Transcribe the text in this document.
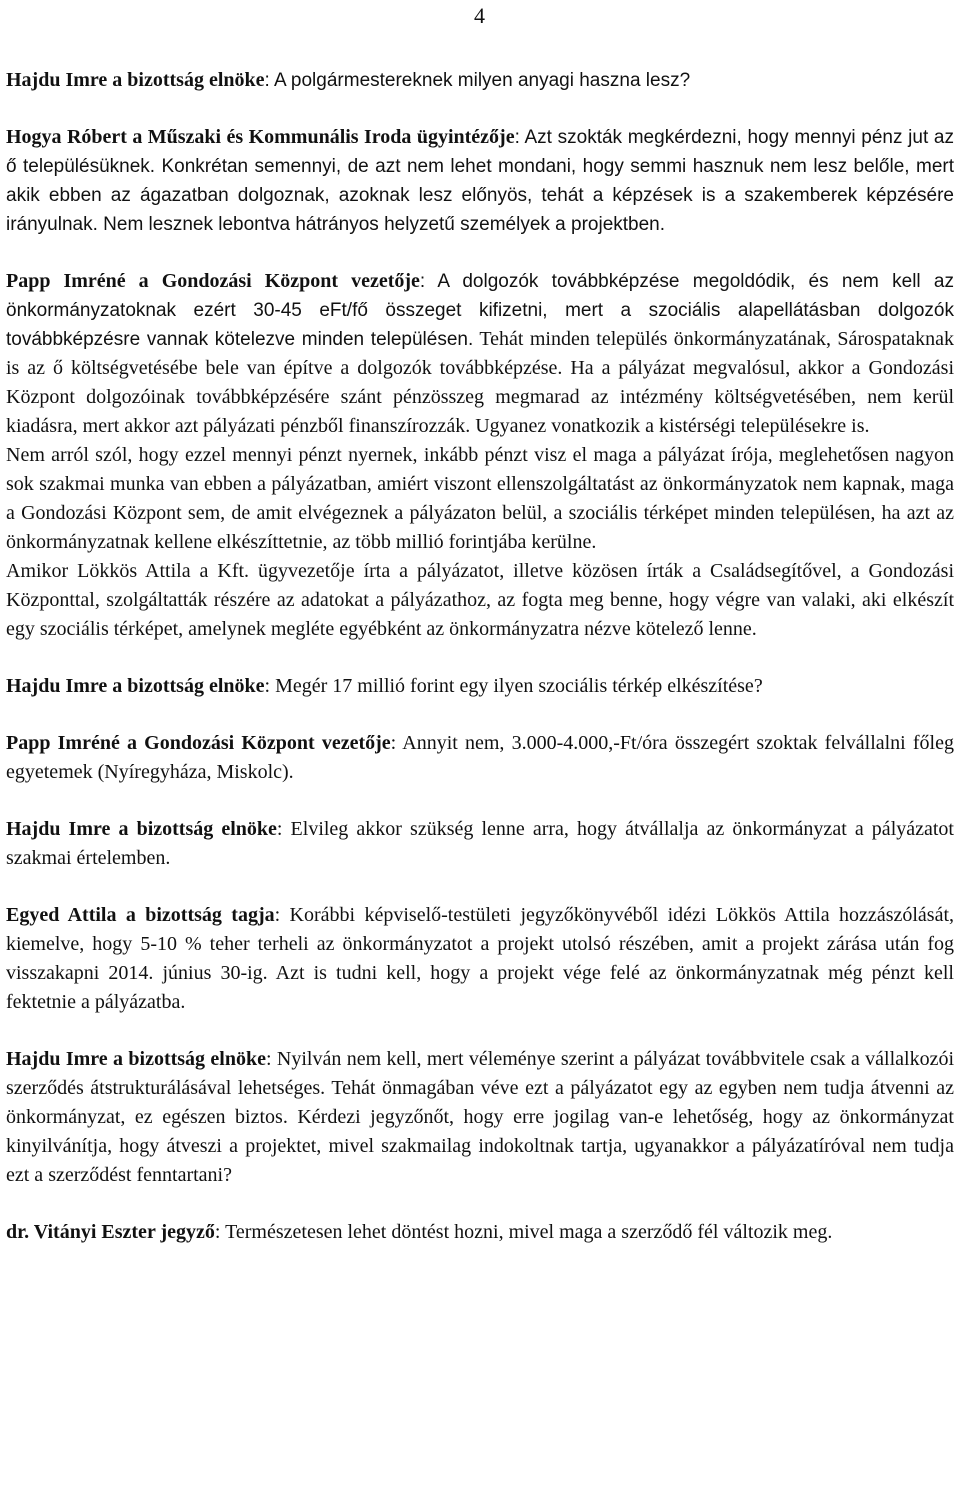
4

Hajdu Imre a bizottság elnöke: A polgármestereknek milyen anyagi haszna lesz?

Hogya Róbert a Műszaki és Kommunális Iroda ügyintézője: Azt szokták megkérdezni, hogy mennyi pénz jut az ő településüknek. Konkrétan semennyi, de azt nem lehet mondani, hogy semmi hasznuk nem lesz belőle, mert akik ebben az ágazatban dolgoznak, azoknak lesz előnyös, tehát a képzések is a szakemberek képzésére irányulnak. Nem lesznek lebontva hátrányos helyzetű személyek a projektben.

Papp Imréné a Gondozási Központ vezetője: A dolgozók továbbképzése megoldódik, és nem kell az önkormányzatoknak ezért 30-45 eFt/fő összeget kifizetni, mert a szociális alapellátásban dolgozók továbbképzésre vannak kötelezve minden településen. Tehát minden település önkormányzatának, Sárospataknak is az ő költségvetésébe bele van építve a dolgozók továbbképzése. Ha a pályázat megvalósul, akkor a Gondozási Központ dolgozóinak továbbképzésére szánt pénzösszeg megmarad az intézmény költségvetésében, nem kerül kiadásra, mert akkor azt pályázati pénzből finanszírozzák. Ugyanez vonatkozik a kistérségi településekre is.

Nem arról szól, hogy ezzel mennyi pénzt nyernek, inkább pénzt visz el maga a pályázat írója, meglehetősen nagyon sok szakmai munka van ebben a pályázatban, amiért viszont ellenszolgáltatást az önkormányzatok nem kapnak, maga a Gondozási Központ sem, de amit elvégeznek a pályázaton belül, a szociális térképet minden településen, ha azt az önkormányzatnak kellene elkészíttetnie, az több millió forintjába kerülne.

Amikor Lökkös Attila a Kft. ügyvezetője írta a pályázatot, illetve közösen írták a Családsegítővel, a Gondozási Központtal, szolgáltatták részére az adatokat a pályázathoz, az fogta meg benne, hogy végre van valaki, aki elkészít egy szociális térképet, amelynek megléte egyébként az önkormányzatra nézve kötelező lenne.

Hajdu Imre a bizottság elnöke: Megér 17 millió forint egy ilyen szociális térkép elkészítése?

Papp Imréné a Gondozási Központ vezetője: Annyit nem, 3.000-4.000,-Ft/óra összegért szoktak felvállalni főleg egyetemek (Nyíregyháza, Miskolc).

Hajdu Imre a bizottság elnöke: Elvileg akkor szükség lenne arra, hogy átvállalja az önkormányzat a pályázatot szakmai értelemben.

Egyed Attila a bizottság tagja: Korábbi képviselő-testületi jegyzőkönyvéből idézi Lökkös Attila hozzászólását, kiemelve, hogy 5-10 % teher terheli az önkormányzatot a projekt utolsó részében, amit a projekt zárása után fog visszakapni 2014. június 30-ig. Azt is tudni kell, hogy a projekt vége felé az önkormányzatnak még pénzt kell fektetnie a pályázatba.

Hajdu Imre a bizottság elnöke: Nyilván nem kell, mert véleménye szerint a pályázat továbbvitele csak a vállalkozói szerződés átstrukturálásával lehetséges. Tehát önmagában véve ezt a pályázatot egy az egyben nem tudja átvenni az önkormányzat, ez egészen biztos. Kérdezi jegyzőnőt, hogy erre jogilag van-e lehetőség, hogy az önkormányzat kinyilvánítja, hogy átveszi a projektet, mivel szakmailag indokoltnak tartja, ugyanakkor a pályázatíróval nem tudja ezt a szerződést fenntartani?

dr. Vitányi Eszter jegyző: Természetesen lehet döntést hozni, mivel maga a szerződő fél változik meg.
